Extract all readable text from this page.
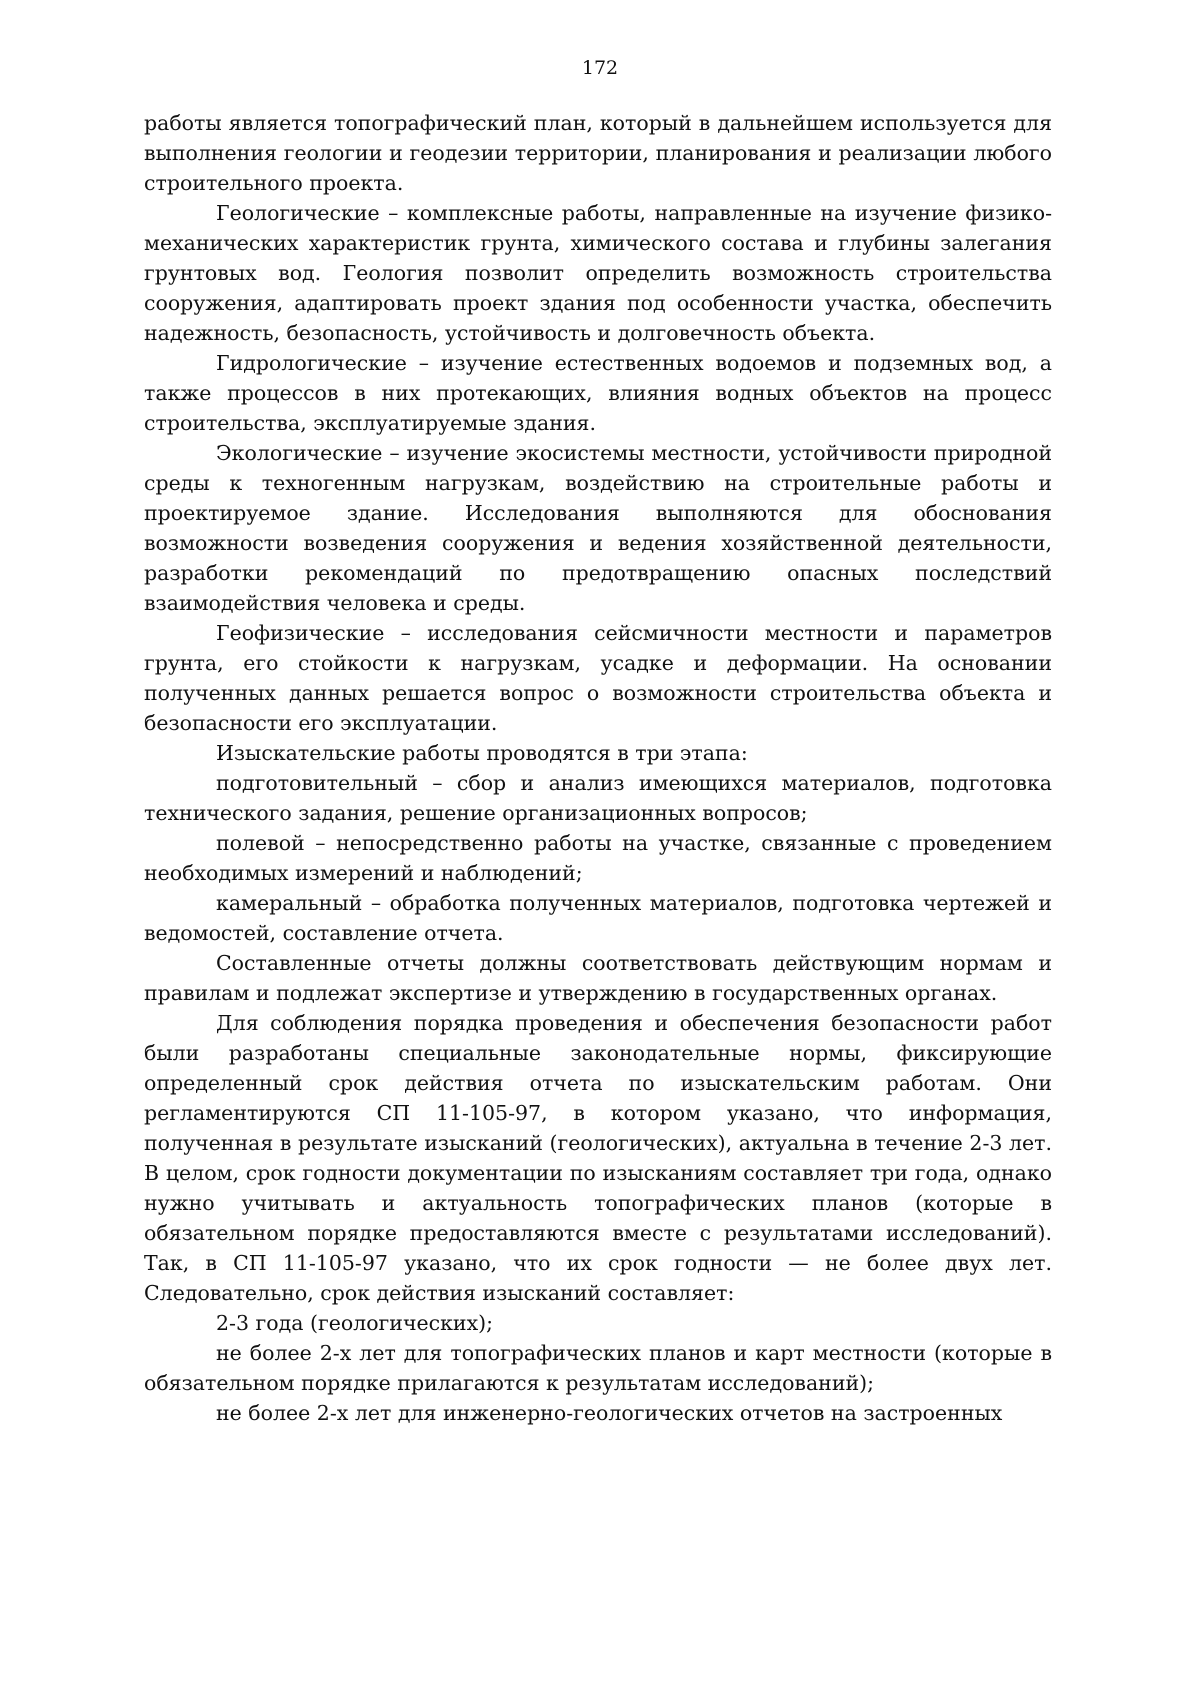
172

работы является топографический план, который в дальнейшем используется для выполнения геологии и геодезии территории, планирования и реализации любого строительного проекта.

Геологические – комплексные работы, направленные на изучение физико-механических характеристик грунта, химического состава и глубины залегания грунтовых вод. Геология позволит определить возможность строительства сооружения, адаптировать проект здания под особенности участка, обеспечить надежность, безопасность, устойчивость и долговечность объекта.

Гидрологические – изучение естественных водоемов и подземных вод, а также процессов в них протекающих, влияния водных объектов на процесс строительства, эксплуатируемые здания.

Экологические – изучение экосистемы местности, устойчивости природной среды к техногенным нагрузкам, воздействию на строительные работы и проектируемое здание. Исследования выполняются для обоснования возможности возведения сооружения и ведения хозяйственной деятельности, разработки рекомендаций по предотвращению опасных последствий взаимодействия человека и среды.

Геофизические – исследования сейсмичности местности и параметров грунта, его стойкости к нагрузкам, усадке и деформации. На основании полученных данных решается вопрос о возможности строительства объекта и безопасности его эксплуатации.

Изыскательские работы проводятся в три этапа:

подготовительный – сбор и анализ имеющихся материалов, подготовка технического задания, решение организационных вопросов;

полевой – непосредственно работы на участке, связанные с проведением необходимых измерений и наблюдений;

камеральный – обработка полученных материалов, подготовка чертежей и ведомостей, составление отчета.

Составленные отчеты должны соответствовать действующим нормам и правилам и подлежат экспертизе и утверждению в государственных органах.

Для соблюдения порядка проведения и обеспечения безопасности работ были разработаны специальные законодательные нормы, фиксирующие определенный срок действия отчета по изыскательским работам. Они регламентируются СП 11-105-97, в котором указано, что информация, полученная в результате изысканий (геологических), актуальна в течение 2-3 лет. В целом, срок годности документации по изысканиям составляет три года, однако нужно учитывать и актуальность топографических планов (которые в обязательном порядке предоставляются вместе с результатами исследований). Так, в СП 11-105-97 указано, что их срок годности — не более двух лет. Следовательно, срок действия изысканий составляет:

2-3 года (геологических);

не более 2-х лет для топографических планов и карт местности (которые в обязательном порядке прилагаются к результатам исследований);

не более 2-х лет для инженерно-геологических отчетов на застроенных
